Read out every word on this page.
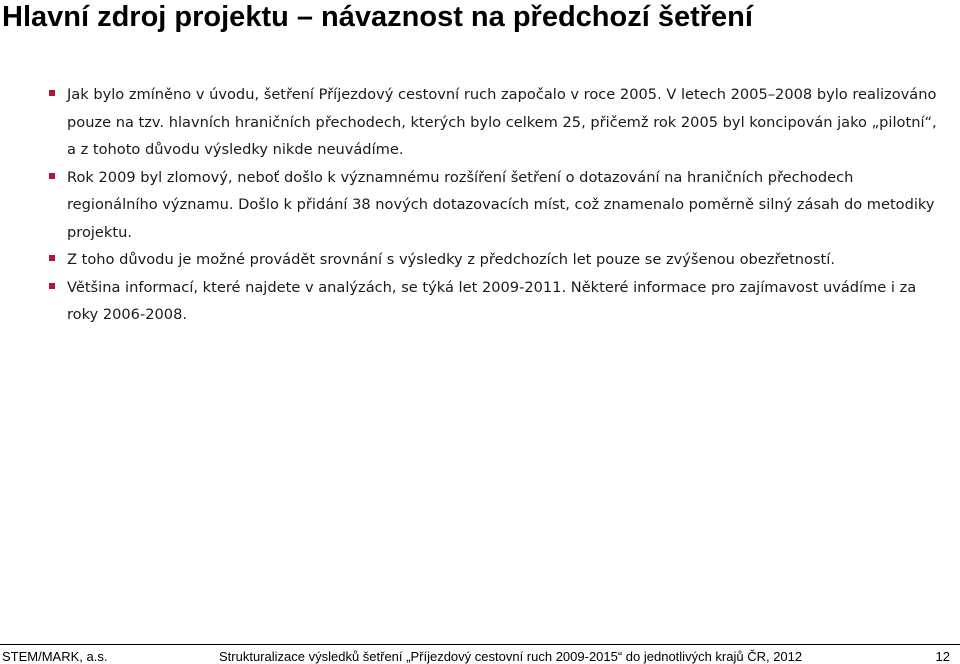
Hlavní zdroj projektu – návaznost na předchozí šetření
Jak bylo zmíněno v úvodu, šetření Příjezdový cestovní ruch započalo v roce 2005. V letech 2005–2008 bylo realizováno pouze na tzv. hlavních hraničních přechodech, kterých bylo celkem 25, přičemž rok 2005 byl koncipován jako „pilotní“, a z tohoto důvodu výsledky nikde neuvádíme.
Rok 2009 byl zlomový, neboť došlo k významnému rozšíření šetření o dotazování na hraničních přechodech regionálního významu. Došlo k přidání 38 nových dotazovacích míst, což znamenalo poměrně silný zásah do metodiky projektu.
Z toho důvodu je možné provádět srovnání s výsledky z předchozích let pouze se zvýšenou obezřetností.
Většina informací, které najdete v analýzách, se týká let 2009-2011. Některé informace pro zajímavost uvádíme i za roky 2006-2008.
STEM/MARK, a.s.	Strukturalizace výsledků šetření „Příjezdový cestovní ruch 2009-2015“ do jednotlivých krajů ČR, 2012	12
